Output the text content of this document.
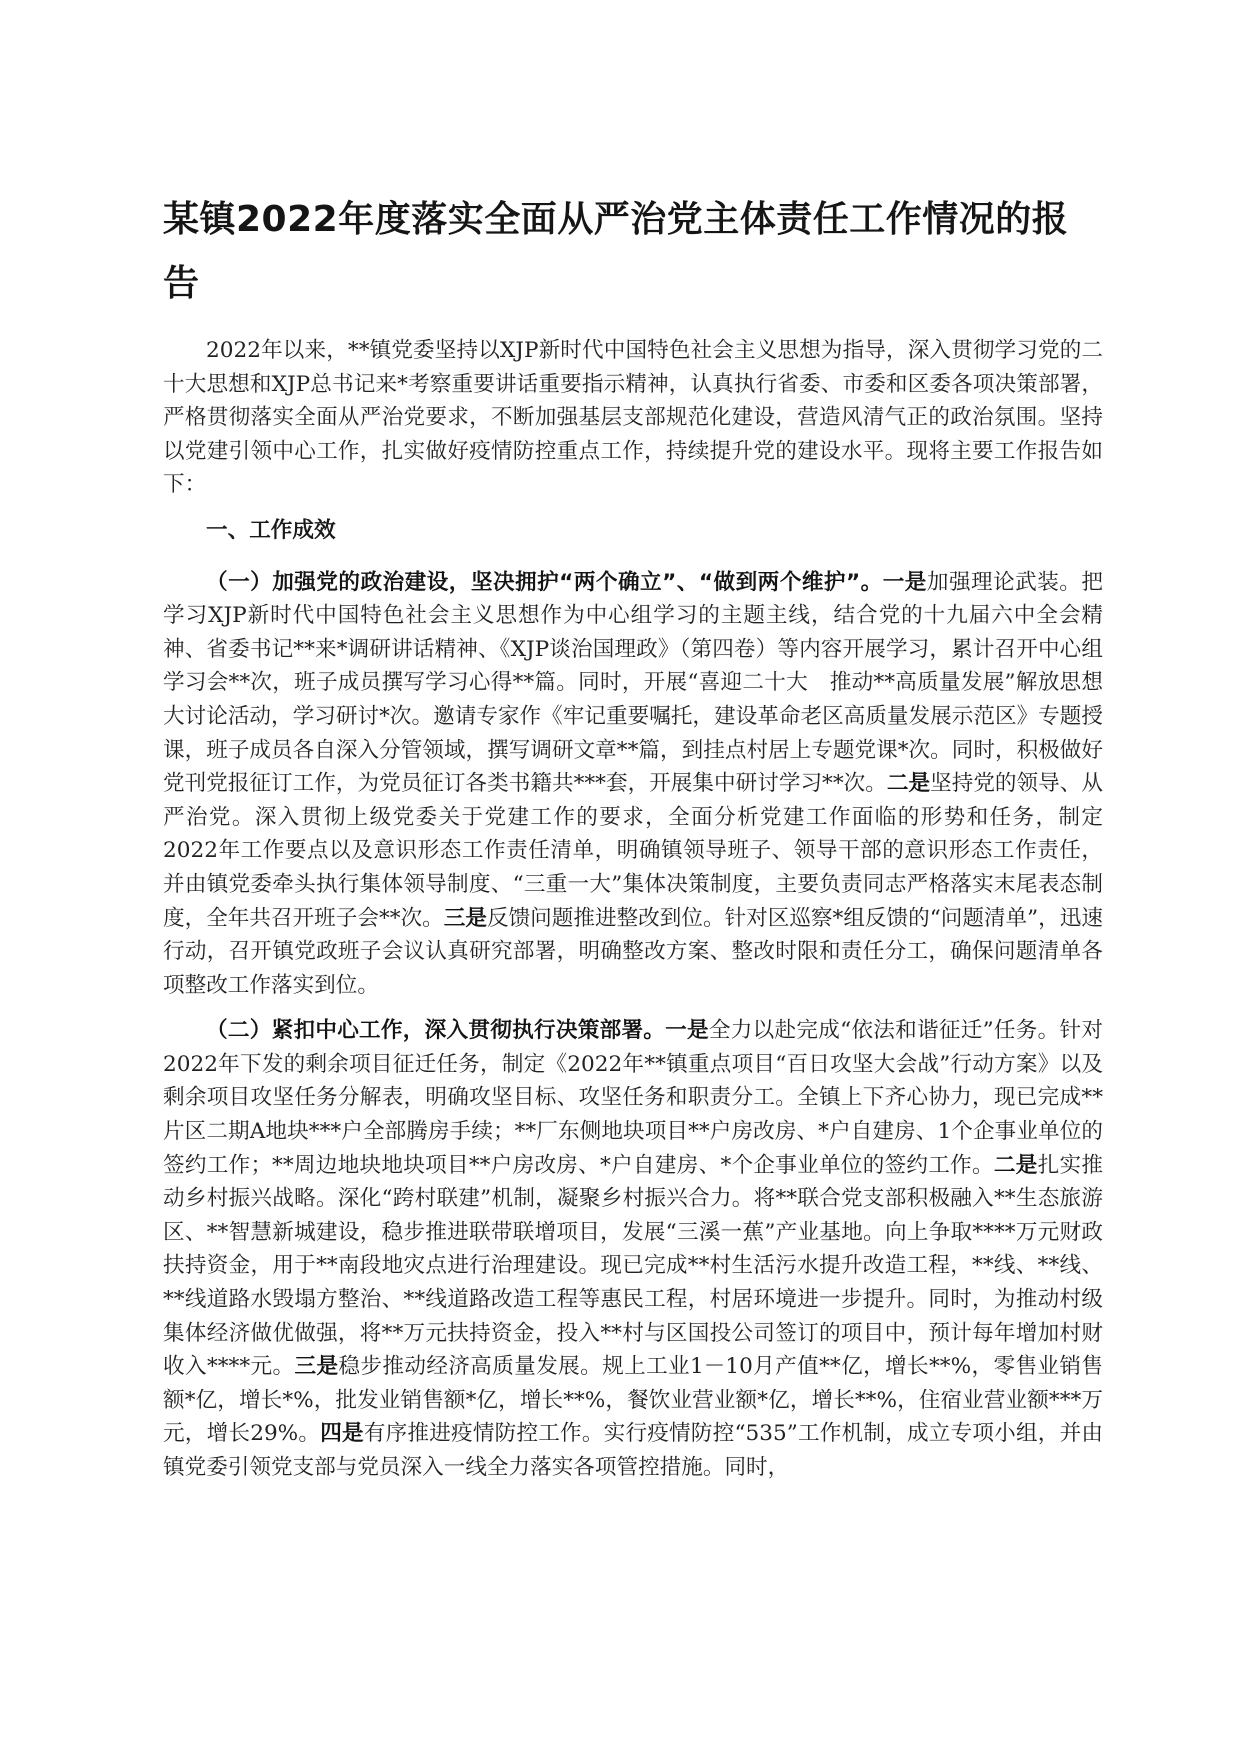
某镇2022年度落实全面从严治党主体责任工作情况的报告

2022年以来，**镇党委坚持以XJP新时代中国特色社会主义思想为指导，深入贯彻学习党的二十大思想和XJP总书记来*考察重要讲话重要指示精神，认真执行省委、市委和区委各项决策部署，严格贯彻落实全面从严治党要求，不断加强基层支部规范化建设，营造风清气正的政治氛围。坚持以党建引领中心工作，扎实做好疫情防控重点工作，持续提升党的建设水平。现将主要工作报告如下：

一、工作成效

（一）加强党的政治建设，坚决拥护“两个确立”、“做到两个维护”。一是加强理论武装。把学习XJP新时代中国特色社会主义思想作为中心组学习的主题主线，结合党的十九届六中全会精神、省委书记**来*调研讲话精神、《XJP谈治国理政》（第四卷）等内容开展学习，累计召开中心组学习会**次，班子成员撰写学习心得**篇。同时，开展“喜迎二十大　推动**高质量发展”解放思想大讨论活动，学习研讨*次。邀请专家作《牢记重要嘱托，建设革命老区高质量发展示范区》专题授课，班子成员各自深入分管领域，撰写调研文章**篇，到挂点村居上专题党课*次。同时，积极做好党刊党报征订工作，为党员征订各类书籍共***套，开展集中研讨学习**次。二是坚持党的领导、从严治党。深入贯彻上级党委关于党建工作的要求，全面分析党建工作面临的形势和任务，制定2022年工作要点以及意识形态工作责任清单，明确镇领导班子、领导干部的意识形态工作责任，并由镇党委牵头执行集体领导制度、“三重一大”集体决策制度，主要负责同志严格落实末尾表态制度，全年共召开班子会**次。三是反馈问题推进整改到位。针对区巡察*组反馈的“问题清单”，迅速行动，召开镇党政班子会议认真研究部署，明确整改方案、整改时限和责任分工，确保问题清单各项整改工作落实到位。

（二）紧扣中心工作，深入贯彻执行决策部署。一是全力以赴完成“依法和谐征迁”任务。针对2022年下发的剩余项目征迁任务，制定《2022年**镇重点项目“百日攻坚大会战”行动方案》以及剩余项目攻坚任务分解表，明确攻坚目标、攻坚任务和职责分工。全镇上下齐心协力，现已完成**片区二期A地块***户全部腾房手续；**厂东侧地块项目**户房改房、*户自建房、1个企事业单位的签约工作；**周边地块地块项目**户房改房、*户自建房、*个企事业单位的签约工作。二是扎实推动乡村振兴战略。深化“跨村联建”机制，凝聚乡村振兴合力。将**联合党支部积极融入**生态旅游区、**智慧新城建设，稳步推进联带联增项目，发展“三溪一蕉”产业基地。向上争取****万元财政扶持资金，用于**南段地灾点进行治理建设。现已完成**村生活污水提升改造工程，**线、**线、**线道路水毁塌方整治、**线道路改造工程等惠民工程，村居环境进一步提升。同时，为推动村级集体经济做优做强，将**万元扶持资金，投入**村与区国投公司签订的项目中，预计每年增加村财收入****元。三是稳步推动经济高质量发展。规上工业1－10月产值**亿，增长**%，零售业销售额*亿，增长*%，批发业销售额*亿，增长**%，餐饮业营业额*亿，增长**%，住宿业营业额***万元，增长29%。四是有序推进疫情防控工作。实行疫情防控“535”工作机制，成立专项小组，并由镇党委引领党支部与党员深入一线全力落实各项管控措施。同时，
